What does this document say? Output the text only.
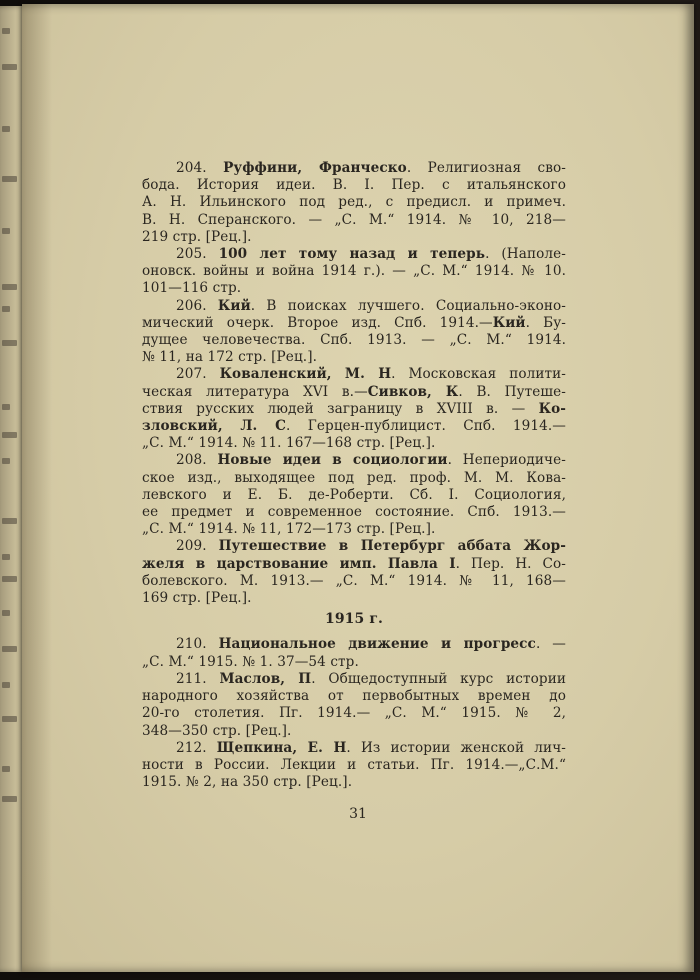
204. Руффини, Франческо. Религиозная сво-
бода. История идеи. В. I. Пер. с итальянского
А. Н. Ильинского под ред., с предисл. и примеч.
В. Н. Сперанского. — „С. М.“ 1914. № 10, 218—
219 стр. [Рец.].
205. 100 лет тому назад и теперь. (Наполе-
оновск. войны и война 1914 г.). — „С. М.“ 1914. № 10.
101—116 стр.
206. Кий. В поисках лучшего. Социально-эконо-
мический очерк. Второе изд. Спб. 1914.—Кий. Бу-
дущее человечества. Спб. 1913. — „С. М.“ 1914.
№ 11, на 172 стр. [Рец.].
207. Коваленский, М. Н. Московская полити-
ческая литература XVI в.—Сивков, К. В. Путеше-
ствия русских людей заграницу в XVIII в. — Ко-
зловский, Л. С. Герцен-публицист. Спб. 1914.—
„С. М.“ 1914. № 11. 167—168 стр. [Рец.].
208. Новые идеи в социологии. Непериодиче-
ское изд., выходящее под ред. проф. М. М. Кова-
левского и Е. Б. де-Роберти. Сб. I. Социология,
ее предмет и современное состояние. Спб. 1913.—
„С. М.“ 1914. № 11, 172—173 стр. [Рец.].
209. Путешествие в Петербург аббата Жор-
желя в царствование имп. Павла I. Пер. Н. Со-
болевского. М. 1913.— „С. М.“ 1914. № 11, 168—
169 стр. [Рец.].
1915 г.
210. Национальное движение и прогресс. —
„С. М.“ 1915. № 1. 37—54 стр.
211. Маслов, П. Общедоступный курс истории
народного хозяйства от первобытных времен до
20-го столетия. Пг. 1914.— „С. М.“ 1915. № 2,
348—350 стр. [Рец.].
212. Щепкина, Е. Н. Из истории женской лич-
ности в России. Лекции и статьи. Пг. 1914.—„С.М.“
1915. № 2, на 350 стр. [Рец.].
31
